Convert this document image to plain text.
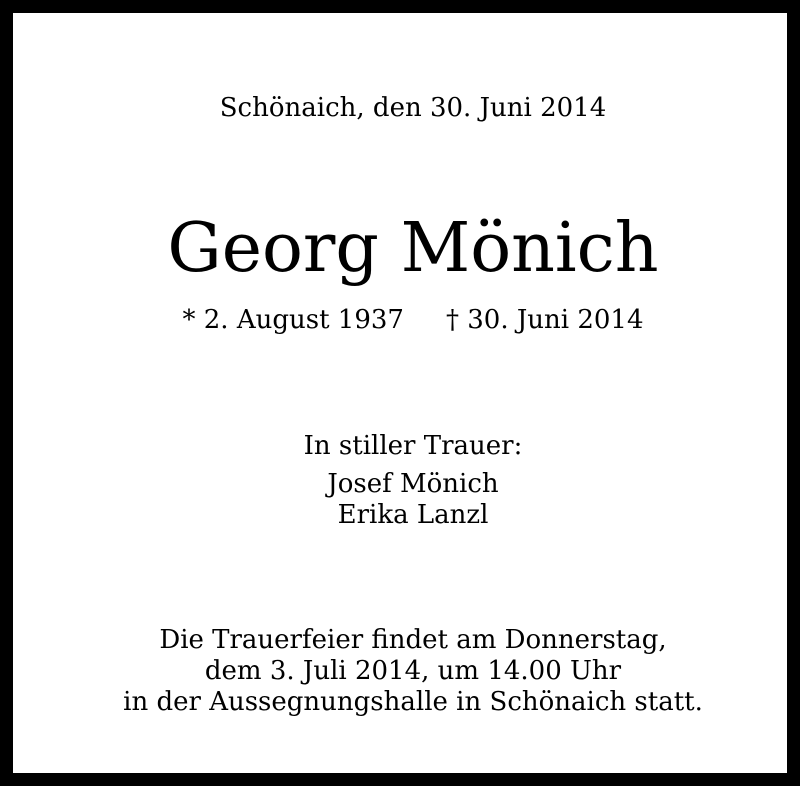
Schönaich, den 30. Juni 2014
Georg Mönich
* 2. August 1937 † 30. Juni 2014
In stiller Trauer:
Josef Mönich
Erika Lanzl
Die Trauerfeier findet am Donnerstag,
dem 3. Juli 2014, um 14.00 Uhr
in der Aussegnungshalle in Schönaich statt.
